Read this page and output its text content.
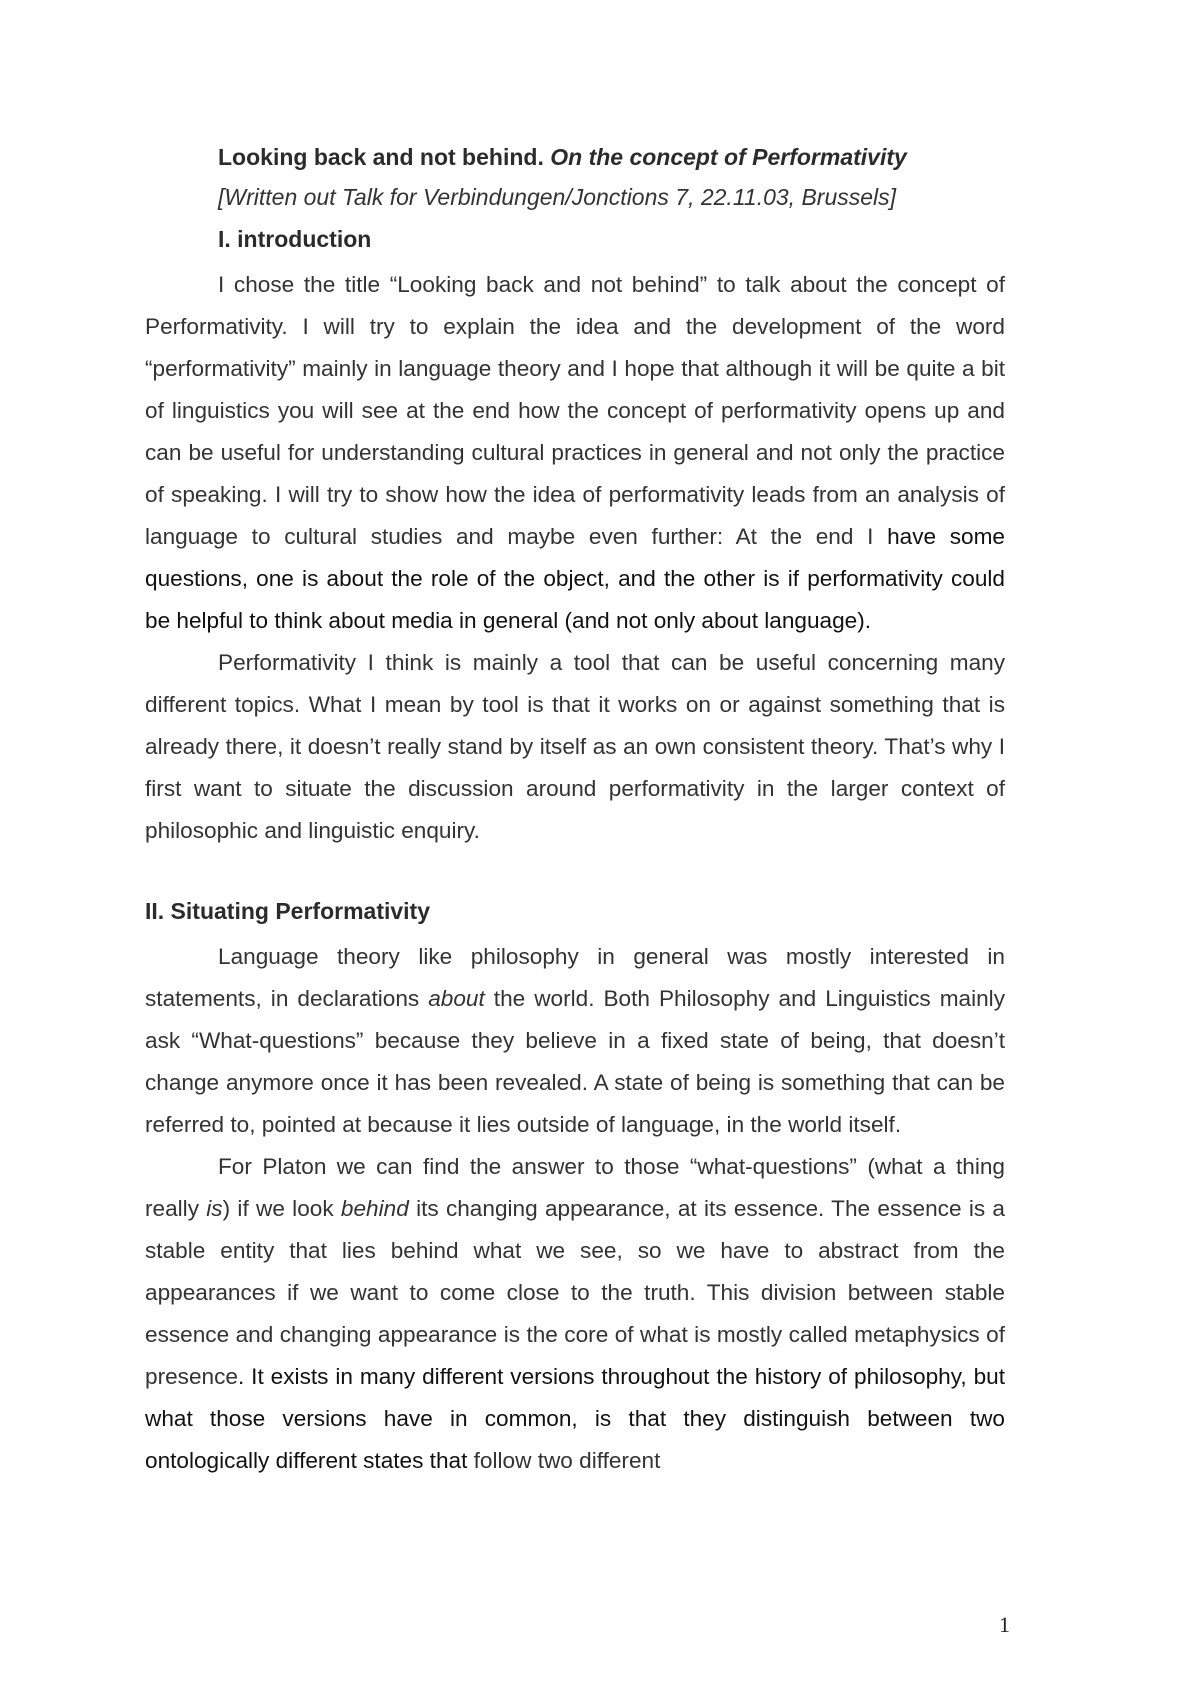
Looking back and not behind. On the concept of Performativity
[Written out Talk for Verbindungen/Jonctions 7, 22.11.03, Brussels]
I. introduction

I chose the title “Looking back and not behind” to talk about the concept of Performativity. I will try to explain the idea and the development of the word “performativity” mainly in language theory and I hope that although it will be quite a bit of linguistics you will see at the end how the concept of performativity opens up and can be useful for understanding cultural practices in general and not only the practice of speaking. I will try to show how the idea of performativity leads from an analysis of language to cultural studies and maybe even further: At the end I have some questions, one is about the role of the object, and the other is if performativity could be helpful to think about media in general (and not only about language).

Performativity I think is mainly a tool that can be useful concerning many different topics. What I mean by tool is that it works on or against something that is already there, it doesn’t really stand by itself as an own consistent theory. That’s why I first want to situate the discussion around performativity in the larger context of philosophic and linguistic enquiry.

II. Situating Performativity

Language theory like philosophy in general was mostly interested in statements, in declarations about the world. Both Philosophy and Linguistics mainly ask “What-questions” because they believe in a fixed state of being, that doesn’t change anymore once it has been revealed. A state of being is something that can be referred to, pointed at because it lies outside of language, in the world itself.

For Platon we can find the answer to those “what-questions” (what a thing really is) if we look behind its changing appearance, at its essence. The essence is a stable entity that lies behind what we see, so we have to abstract from the appearances if we want to come close to the truth. This division between stable essence and changing appearance is the core of what is mostly called metaphysics of presence. It exists in many different versions throughout the history of philosophy, but what those versions have in common, is that they distinguish between two ontologically different states that follow two different

1
